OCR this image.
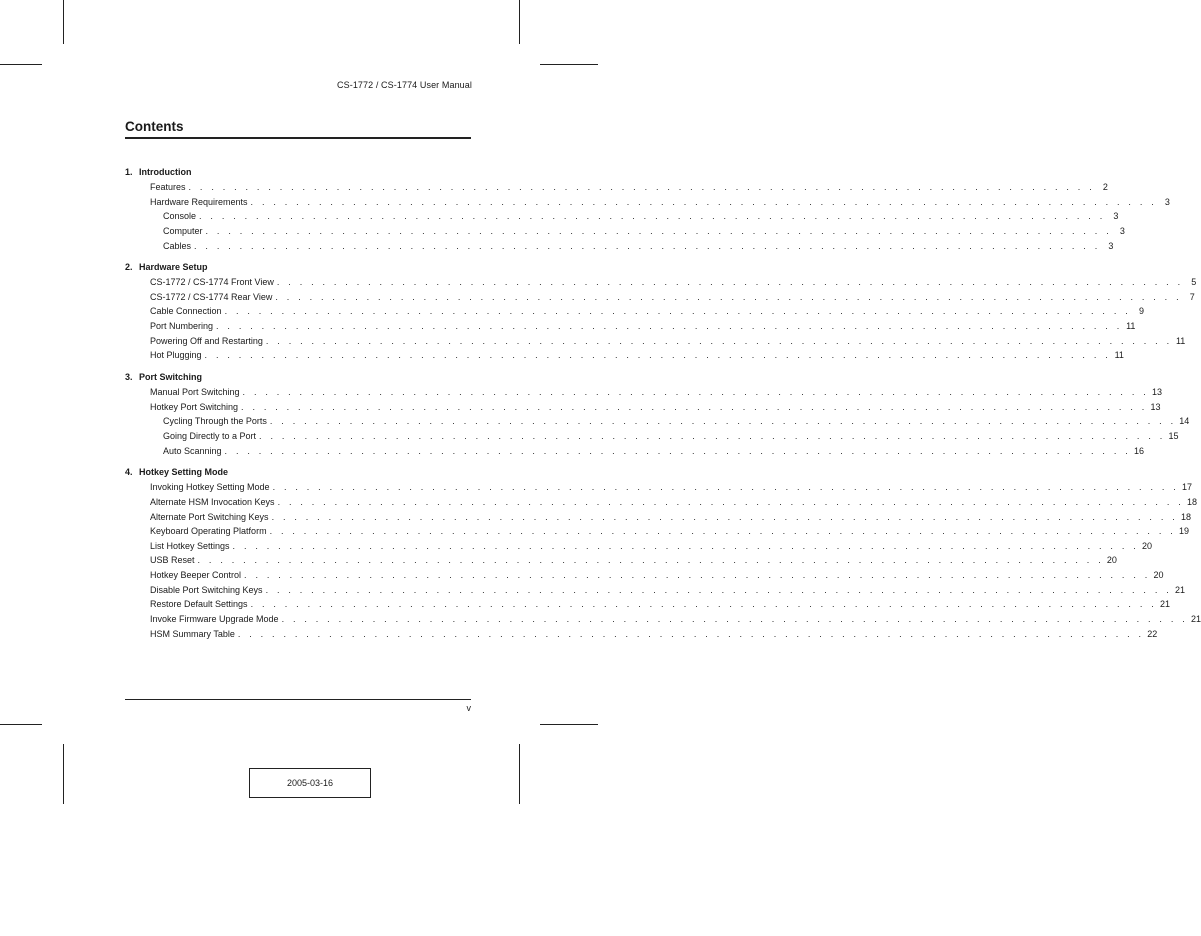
CS-1772 / CS-1774 User Manual
Contents
1. Introduction
Features . . . . . . . . . . . . . . . . . . . . . . . . . . . . . . . . . . . . . . . . . . . . . . . . . . . . . . . . . . . . . . . . . . . . . . . . . . . . . . . . 2
Hardware Requirements . . . . . . . . . . . . . . . . . . . . . . . . . . . . . . . . . . . . . . . . . . . . . . . . . . . . . . . . . . . . . . . . . . . . . . . . . . . . . . . . 3
Console . . . . . . . . . . . . . . . . . . . . . . . . . . . . . . . . . . . . . . . . . . . . . . . . . . . . . . . . . . . . . . . . . . . . . . . . . . . . . . . . 3
Computer . . . . . . . . . . . . . . . . . . . . . . . . . . . . . . . . . . . . . . . . . . . . . . . . . . . . . . . . . . . . . . . . . . . . . . . . . . . . . . . . 3
Cables . . . . . . . . . . . . . . . . . . . . . . . . . . . . . . . . . . . . . . . . . . . . . . . . . . . . . . . . . . . . . . . . . . . . . . . . . . . . . . . . 3
2. Hardware Setup
CS-1772 / CS-1774 Front View . . . . . . . . . . . . . . . . . . . . . . . . . . . . . . . . . . . . . . . . . . . . . . . . . . . . . . . . . . . . . . . . . . . . . . . . . . . . . . . . 5
CS-1772 / CS-1774 Rear View . . . . . . . . . . . . . . . . . . . . . . . . . . . . . . . . . . . . . . . . . . . . . . . . . . . . . . . . . . . . . . . . . . . . . . . . . . . . . . . . 7
Cable Connection . . . . . . . . . . . . . . . . . . . . . . . . . . . . . . . . . . . . . . . . . . . . . . . . . . . . . . . . . . . . . . . . . . . . . . . . . . . . . . . . 9
Port Numbering . . . . . . . . . . . . . . . . . . . . . . . . . . . . . . . . . . . . . . . . . . . . . . . . . . . . . . . . . . . . . . . . . . . . . . . . . . . . . . . . 11
Powering Off and Restarting . . . . . . . . . . . . . . . . . . . . . . . . . . . . . . . . . . . . . . . . . . . . . . . . . . . . . . . . . . . . . . . . . . . . . . . . . . . . . . . . 11
Hot Plugging . . . . . . . . . . . . . . . . . . . . . . . . . . . . . . . . . . . . . . . . . . . . . . . . . . . . . . . . . . . . . . . . . . . . . . . . . . . . . . . . 11
3. Port Switching
Manual Port Switching . . . . . . . . . . . . . . . . . . . . . . . . . . . . . . . . . . . . . . . . . . . . . . . . . . . . . . . . . . . . . . . . . . . . . . . . . . . . . . . . 13
Hotkey Port Switching . . . . . . . . . . . . . . . . . . . . . . . . . . . . . . . . . . . . . . . . . . . . . . . . . . . . . . . . . . . . . . . . . . . . . . . . . . . . . . . . 13
Cycling Through the Ports . . . . . . . . . . . . . . . . . . . . . . . . . . . . . . . . . . . . . . . . . . . . . . . . . . . . . . . . . . . . . . . . . . . . . . . . . . . . . . . . 14
Going Directly to a Port . . . . . . . . . . . . . . . . . . . . . . . . . . . . . . . . . . . . . . . . . . . . . . . . . . . . . . . . . . . . . . . . . . . . . . . . . . . . . . . . 15
Auto Scanning . . . . . . . . . . . . . . . . . . . . . . . . . . . . . . . . . . . . . . . . . . . . . . . . . . . . . . . . . . . . . . . . . . . . . . . . . . . . . . . . 16
4. Hotkey Setting Mode
Invoking Hotkey Setting Mode . . . . . . . . . . . . . . . . . . . . . . . . . . . . . . . . . . . . . . . . . . . . . . . . . . . . . . . . . . . . . . . . . . . . . . . . . . . . . . . . 17
Alternate HSM Invocation Keys . . . . . . . . . . . . . . . . . . . . . . . . . . . . . . . . . . . . . . . . . . . . . . . . . . . . . . . . . . . . . . . . . . . . . . . . . . . . . . . . 18
Alternate Port Switching Keys . . . . . . . . . . . . . . . . . . . . . . . . . . . . . . . . . . . . . . . . . . . . . . . . . . . . . . . . . . . . . . . . . . . . . . . . . . . . . . . . 18
Keyboard Operating Platform . . . . . . . . . . . . . . . . . . . . . . . . . . . . . . . . . . . . . . . . . . . . . . . . . . . . . . . . . . . . . . . . . . . . . . . . . . . . . . . . 19
List Hotkey Settings . . . . . . . . . . . . . . . . . . . . . . . . . . . . . . . . . . . . . . . . . . . . . . . . . . . . . . . . . . . . . . . . . . . . . . . . . . . . . . . . 20
USB Reset . . . . . . . . . . . . . . . . . . . . . . . . . . . . . . . . . . . . . . . . . . . . . . . . . . . . . . . . . . . . . . . . . . . . . . . . . . . . . . . . 20
Hotkey Beeper Control . . . . . . . . . . . . . . . . . . . . . . . . . . . . . . . . . . . . . . . . . . . . . . . . . . . . . . . . . . . . . . . . . . . . . . . . . . . . . . . . 20
Disable Port Switching Keys . . . . . . . . . . . . . . . . . . . . . . . . . . . . . . . . . . . . . . . . . . . . . . . . . . . . . . . . . . . . . . . . . . . . . . . . . . . . . . . . 21
Restore Default Settings . . . . . . . . . . . . . . . . . . . . . . . . . . . . . . . . . . . . . . . . . . . . . . . . . . . . . . . . . . . . . . . . . . . . . . . . . . . . . . . . 21
Invoke Firmware Upgrade Mode . . . . . . . . . . . . . . . . . . . . . . . . . . . . . . . . . . . . . . . . . . . . . . . . . . . . . . . . . . . . . . . . . . . . . . . . . . . . . . . . 21
HSM Summary Table . . . . . . . . . . . . . . . . . . . . . . . . . . . . . . . . . . . . . . . . . . . . . . . . . . . . . . . . . . . . . . . . . . . . . . . . . . . . . . . . 22
v
2005-03-16
